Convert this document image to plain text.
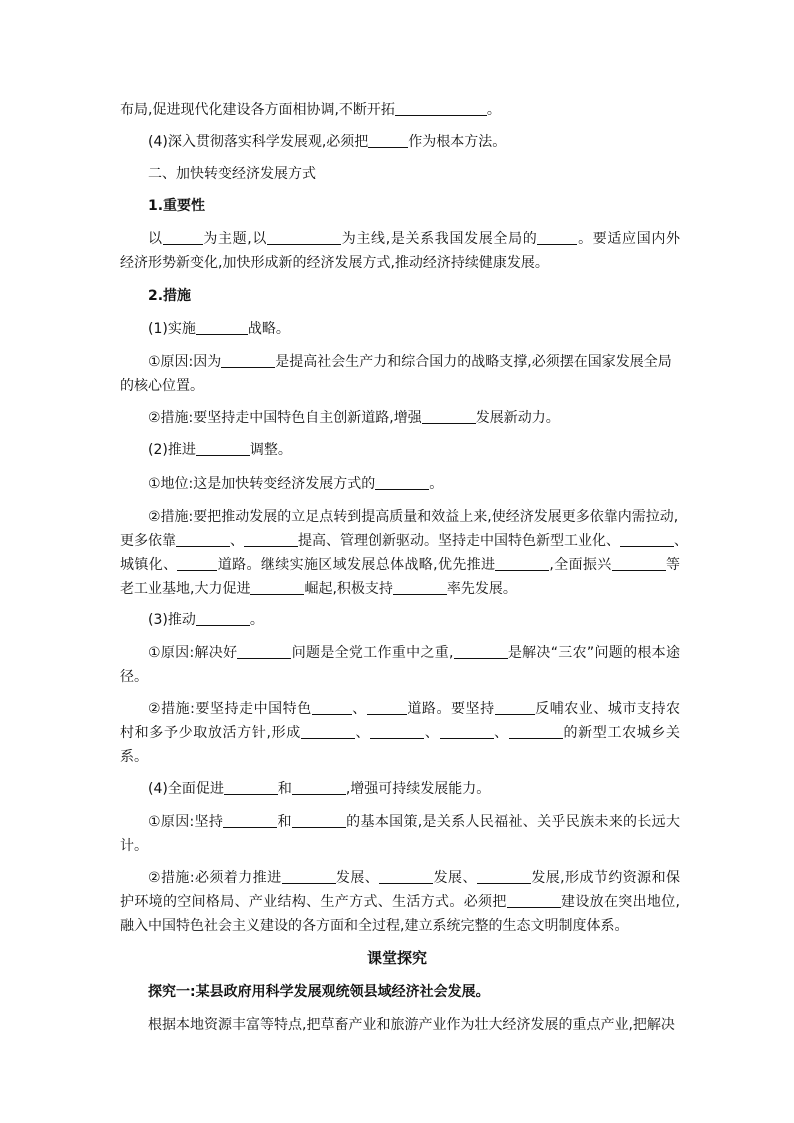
布局,促进现代化建设各方面相协调,不断开拓	。
(4)深入贯彻落实科学发展观,必须把	作为根本方法。
二、加快转变经济发展方式
1.重要性
以	为主题,以	为主线,是关系我国发展全局的	。要适应国内外
经济形势新变化,加快形成新的经济发展方式,推动经济持续健康发展。
2.措施
(1)实施	战略。
①原因:因为	是提高社会生产力和综合国力的战略支撑,必须摆在国家发展全局
的核心位置。
②措施:要坚持走中国特色自主创新道路,增强	发展新动力。
(2)推进	调整。
①地位:这是加快转变经济发展方式的	。
②措施:要把推动发展的立足点转到提高质量和效益上来,使经济发展更多依靠内需拉动,
更多依靠	、	提高、管理创新驱动。坚持走中国特色新型工业化、	、
城镇化、	道路。继续实施区域发展总体战略,优先推进	,全面振兴	等
老工业基地,大力促进	崛起,积极支持	率先发展。
(3)推动	。
①原因:解决好	问题是全党工作重中之重,	是解决“三农”问题的根本途
径。
②措施:要坚持走中国特色	、	道路。要坚持	反哺农业、城市支持农
村和多予少取放活方针,形成	、	、	、	的新型工农城乡关
系。
(4)全面促进	和	,增强可持续发展能力。
①原因:坚持	和	的基本国策,是关系人民福祉、关乎民族未来的长远大
计。
②措施:必须着力推进	发展、	发展、	发展,形成节约资源和保
护环境的空间格局、产业结构、生产方式、生活方式。必须把	建设放在突出地位,
融入中国特色社会主义建设的各方面和全过程,建立系统完整的生态文明制度体系。
课堂探究
探究一:某县政府用科学发展观统领县域经济社会发展。
根据本地资源丰富等特点,把草畜产业和旅游产业作为壮大经济发展的重点产业,把解决
